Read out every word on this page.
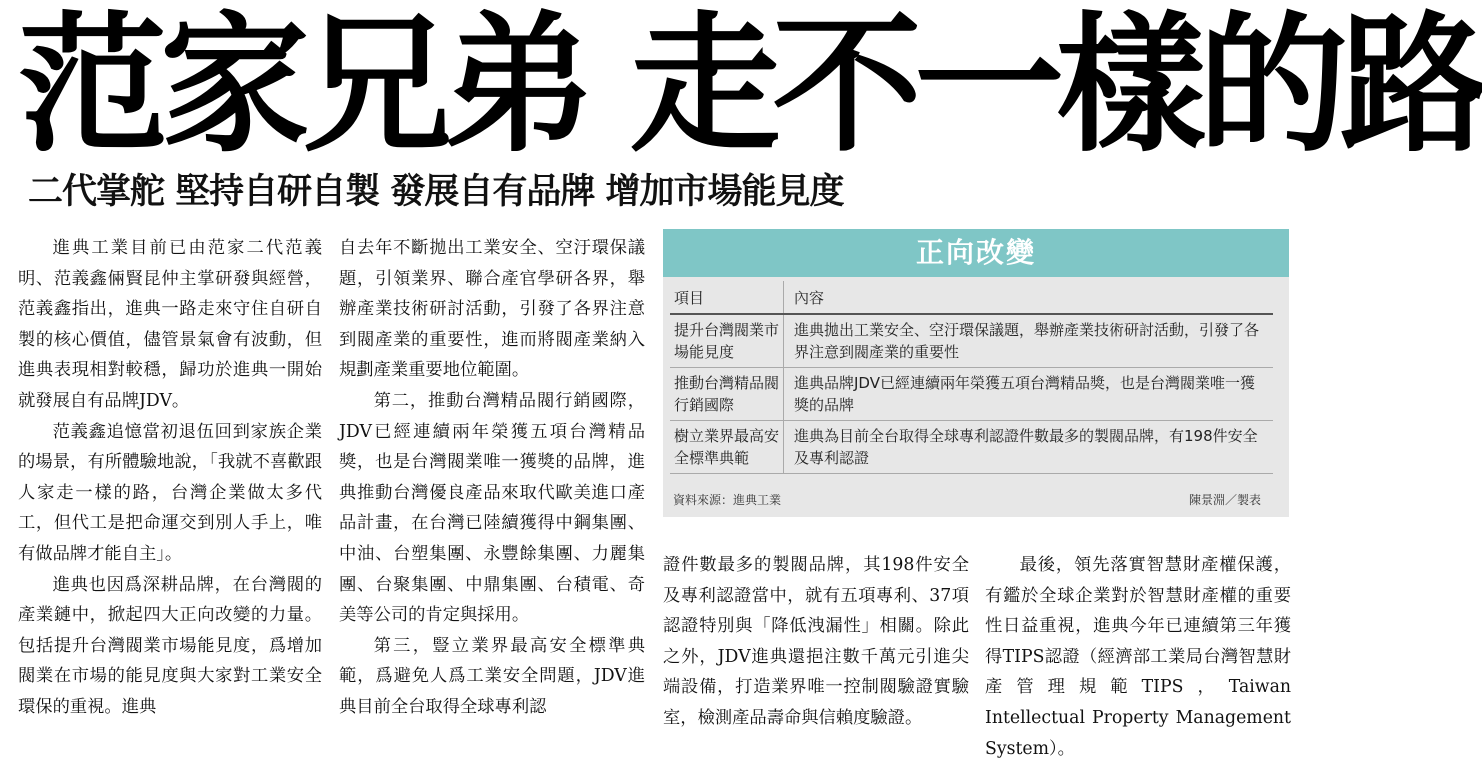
范家兄弟 走不一樣的路
二代掌舵 堅持自研自製 發展自有品牌 增加市場能見度

進典工業目前已由范家二代范義明、范義鑫倆賢昆仲主掌研發與經營，范義鑫指出，進典一路走來守住自研自製的核心價值，儘管景氣會有波動，但進典表現相對較穩，歸功於進典一開始就發展自有品牌JDV。

范義鑫追憶當初退伍回到家族企業的場景，有所體驗地說，「我就不喜歡跟人家走一樣的路，台灣企業做太多代工，但代工是把命運交到別人手上，唯有做品牌才能自主」。

進典也因爲深耕品牌，在台灣閥的產業鏈中，掀起四大正向改變的力量。包括提升台灣閥業市場能見度，爲增加閥業在市場的能見度與大家對工業安全環保的重視。進典

自去年不斷拋出工業安全、空汙環保議題，引領業界、聯合產官學研各界，舉辦產業技術研討活動，引發了各界注意到閥產業的重要性，進而將閥產業納入規劃產業重要地位範圍。

第二，推動台灣精品閥行銷國際，JDV已經連續兩年榮獲五項台灣精品獎，也是台灣閥業唯一獲獎的品牌，進典推動台灣優良產品來取代歐美進口產品計畫，在台灣已陸續獲得中鋼集團、中油、台塑集團、永豐餘集團、力麗集團、台聚集團、中鼎集團、台積電、奇美等公司的肯定與採用。

第三，豎立業界最高安全標準典範，爲避免人爲工業安全問題，JDV進典目前全台取得全球專利認

正向改變
項目	內容
提升台灣閥業市場能見度	進典拋出工業安全、空汙環保議題，舉辦產業技術研討活動，引發了各界注意到閥產業的重要性
推動台灣精品閥行銷國際	進典品牌JDV已經連續兩年榮獲五項台灣精品獎，也是台灣閥業唯一獲獎的品牌
樹立業界最高安全標準典範	進典為目前全台取得全球專利認證件數最多的製閥品牌，有198件安全及專利認證
資料來源：進典工業	陳景淵／製表

證件數最多的製閥品牌，其198件安全及專利認證當中，就有五項專利、37項認證特別與「降低洩漏性」相關。除此之外，JDV進典還挹注數千萬元引進尖端設備，打造業界唯一控制閥驗證實驗室，檢測產品壽命與信賴度驗證。

最後，領先落實智慧財產權保護，有鑑於全球企業對於智慧財產權的重要性日益重視，進典今年已連續第三年獲得TIPS認證（經濟部工業局台灣智慧財產管理規範TIPS，Taiwan Intellectual Property Management System）。
